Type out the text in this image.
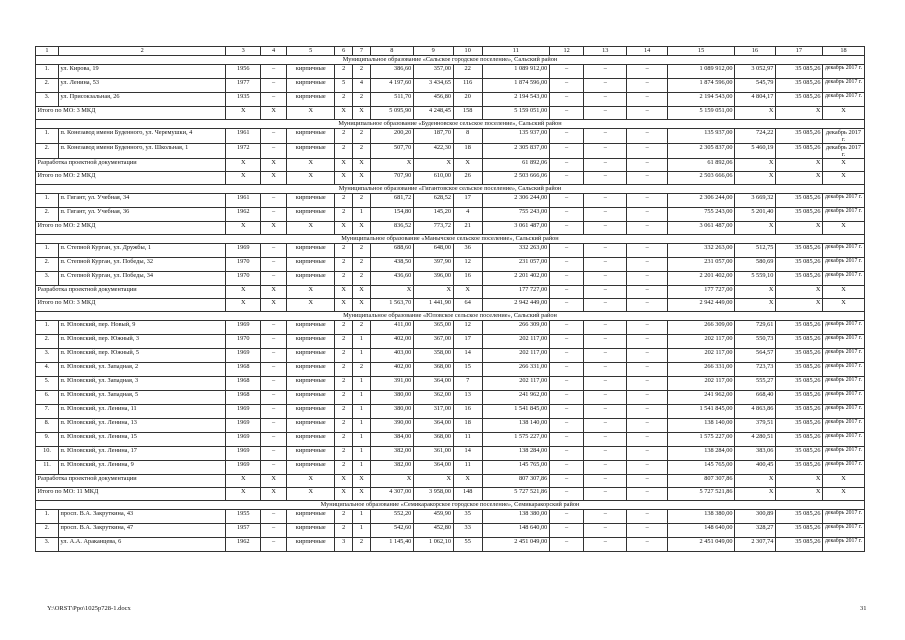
1	2	3	4	5	6	7	8	9	10	11	12	13	14	15	16	17	18
Муниципальное образование «Сальское городское поселение», Сальский район																	
1.	ул. Кирова, 19	1956	–	кирпичные	2	2	386,60	357,00	22	1 089 912,00	–	–	–	1 089 912,00	3 052,97	35 085,26	декабрь 2017 г.
2.	ул. Ленина, 53	1977	–	кирпичные	5	4	4 197,60	3 434,65	116	1 874 596,00	–	–	–	1 874 596,00	545,79	35 085,26	декабрь 2017 г.
3.	ул. Присокзальная, 26	1935	–	кирпичные	2	2	511,70	456,80	20	2 194 543,00	–	–	–	2 194 543,00	4 804,17	35 085,26	декабрь 2017 г.
Итого по МО: 3 МКД		Х	Х	Х	Х	Х	5 095,90	4 248,45	158	5 159 051,00	–	–	–	5 159 051,00	Х	Х	Х
Муниципальное образование «Буденновское сельское поселение», Сальский район																	
1.	п. Конезавод имени Буденного, ул. Черемушки, 4	1961	–	кирпичные	2	2	200,20	187,70	8	135 937,00	–	–	–	135 937,00	724,22	35 085,26	декабрь 2017 г.
2.	п. Конезавод имени Буденного, ул. Школьная, 1	1972	–	кирпичные	2	2	507,70	422,30	18	2 305 837,00	–	–	–	2 305 837,00	5 460,19	35 085,26	декабрь 2017 г.
Разработка проектной документации		Х	Х	Х	Х	Х	Х	Х	Х	61 892,06	–	–	–	61 892,06	Х	Х	Х
Итого по МО: 2 МКД		Х	Х	Х	Х	Х	707,90	610,00	26	2 503 666,06	–	–	–	2 503 666,06	Х	Х	Х
Муниципальное образование «Гигантовское сельское поселение», Сальский район																	
1.	п. Гигант, ул. Учебная, 34	1961	–	кирпичные	2	2	681,72	628,52	17	2 306 244,00	–	–	–	2 306 244,00	3 669,32	35 085,26	декабрь 2017 г.
2.	п. Гигант, ул. Учебная, 36	1962	–	кирпичные	2	1	154,80	145,20	4	755 243,00	–	–	–	755 243,00	5 201,40	35 085,26	декабрь 2017 г.
Итого по МО: 2 МКД		Х	Х	Х	Х	Х	836,52	773,72	21	3 061 487,00	–	–	–	3 061 487,00	Х	Х	Х
Муниципальное образование «Манычское сельское поселение», Сальский район																	
1.	п. Степной Курган, ул. Дружбы, 1	1969	–	кирпичные	2	2	688,60	648,00	36	332 263,00	–	–	–	332 263,00	512,75	35 085,26	декабрь 2017 г.
2.	п. Степной Курган, ул. Победы, 32	1970	–	кирпичные	2	2	438,50	397,90	12	231 057,00	–	–	–	231 057,00	580,69	35 085,26	декабрь 2017 г.
3.	п. Степной Курган, ул. Победы, 34	1970	–	кирпичные	2	2	436,60	396,00	16	2 201 402,00	–	–	–	2 201 402,00	5 559,10	35 085,26	декабрь 2017 г.
Разработка проектной документации		Х	Х	Х	Х	Х	Х	Х	Х	177 727,00	–	–	–	177 727,00	Х	Х	Х
Итого по МО: 3 МКД		Х	Х	Х	Х	Х	1 563,70	1 441,90	64	2 942 449,00	–	–	–	2 942 449,00	Х	Х	Х
Муниципальное образование «Юловское сельское поселение», Сальский район																	
1.	п. Юловский, пер. Новый, 9	1969	–	кирпичные	2	2	411,00	365,00	12	266 309,00	–	–	–	266 309,00	729,61	35 085,26	декабрь 2017 г.
2.	п. Юловский, пер. Южный, 3	1970	–	кирпичные	2	1	402,00	367,00	17	202 117,00	–	–	–	202 117,00	550,73	35 085,26	декабрь 2017 г.
3.	п. Юловский, пер. Южный, 5	1969	–	кирпичные	2	1	403,00	358,00	14	202 117,00	–	–	–	202 117,00	564,57	35 085,26	декабрь 2017 г.
4.	п. Юловский, ул. Западная, 2	1968	–	кирпичные	2	2	402,00	368,00	15	266 331,00	–	–	–	266 331,00	723,73	35 085,26	декабрь 2017 г.
5.	п. Юловский, ул. Западная, 3	1968	–	кирпичные	2	1	391,00	364,00	7	202 117,00	–	–	–	202 117,00	555,27	35 085,26	декабрь 2017 г.
6.	п. Юловский, ул. Западная, 5	1968	–	кирпичные	2	1	380,00	362,00	13	241 962,00	–	–	–	241 962,00	668,40	35 085,26	декабрь 2017 г.
7.	п. Юловский, ул. Ленина, 11	1969	–	кирпичные	2	1	380,00	317,00	16	1 541 845,00	–	–	–	1 541 845,00	4 863,86	35 085,26	декабрь 2017 г.
8.	п. Юловский, ул. Ленина, 13	1969	–	кирпичные	2	1	390,00	364,00	18	138 140,00	–	–	–	138 140,00	379,51	35 085,26	декабрь 2017 г.
9.	п. Юловский, ул. Ленина, 15	1969	–	кирпичные	2	1	384,00	368,00	11	1 575 227,00	–	–	–	1 575 227,00	4 280,51	35 085,26	декабрь 2017 г.
10.	п. Юловский, ул. Ленина, 17	1969	–	кирпичные	2	1	382,00	361,00	14	138 284,00	–	–	–	138 284,00	383,06	35 085,26	декабрь 2017 г.
11.	п. Юловский, ул. Ленина, 9	1969	–	кирпичные	2	1	382,00	364,00	11	145 765,00	–	–	–	145 765,00	400,45	35 085,26	декабрь 2017 г.
Разработка проектной документации		Х	Х	Х	Х	Х	Х	Х	Х	807 307,86	–	–	–	807 307,86	Х	Х	Х
Итого по МО: 11 МКД		Х	Х	Х	Х	Х	4 307,00	3 958,00	148	5 727 521,86	–	–	–	5 727 521,86	Х	Х	Х
Муниципальное образование «Семикаракорское городское поселение», Семикаракорский район																	
1.	просп. В.А. Закруткина, 43	1955	–	кирпичные	2	1	552,20	459,90	35	138 380,00	–	–	–	138 380,00	300,89	35 085,26	декабрь 2017 г.
2.	просп. В.А. Закруткина, 47	1957	–	кирпичные	2	1	542,60	452,80	33	148 640,00	–	–	–	148 640,00	328,27	35 085,26	декабрь 2017 г.
3.	ул. А.А. Араканцева, 6	1962	–	кирпичные	3	2	1 145,40	1 062,10	55	2 451 049,00	–	–	–	2 451 049,00	2 307,74	35 085,26	декабрь 2017 г.
Y:\ORST\Ppo\1025p728-1.docx	31
